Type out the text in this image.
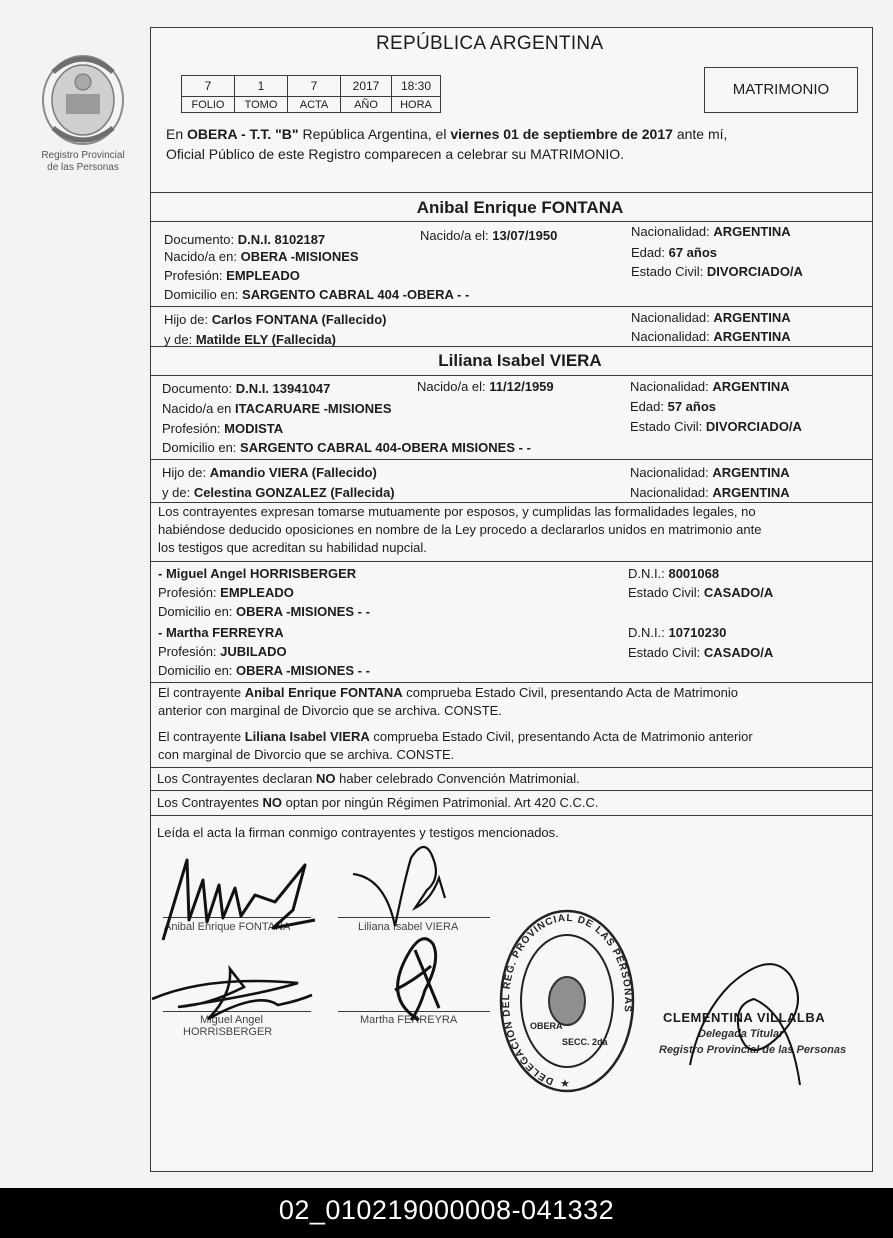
Registro Provincial
de las Personas
REPÚBLICA ARGENTINA
7	1	7	2017	18:30
FOLIO	TOMO	ACTA	AÑO	HORA
MATRIMONIO
En OBERA - T.T. "B" República Argentina, el viernes 01 de septiembre de 2017 ante mí,
Oficial Público de este Registro comparecen a celebrar su MATRIMONIO.
Anibal Enrique FONTANA
Documento: D.N.I. 8102187	Nacido/a el: 13/07/1950	Nacionalidad: ARGENTINA
Nacido/a en: OBERA -MISIONES	Edad: 67 años
Profesión: EMPLEADO	Estado Civil: DIVORCIADO/A
Domicilio en: SARGENTO CABRAL 404 -OBERA - -
Hijo de: Carlos FONTANA (Fallecido)	Nacionalidad: ARGENTINA
y de: Matilde ELY (Fallecida)	Nacionalidad: ARGENTINA
Liliana Isabel VIERA
Documento: D.N.I. 13941047	Nacido/a el: 11/12/1959	Nacionalidad: ARGENTINA
Nacido/a en ITACARUARE -MISIONES	Edad: 57 años
Profesión: MODISTA	Estado Civil: DIVORCIADO/A
Domicilio en: SARGENTO CABRAL 404-OBERA MISIONES - -
Hijo de: Amandio VIERA (Fallecido)	Nacionalidad: ARGENTINA
y de: Celestina GONZALEZ (Fallecida)	Nacionalidad: ARGENTINA
Los contrayentes expresan tomarse mutuamente por esposos, y cumplidas las formalidades legales, no
habiéndose deducido oposiciones en nombre de la Ley procedo a declararlos unidos en matrimonio ante
los testigos que acreditan su habilidad nupcial.
- Miguel Angel HORRISBERGER	D.N.I.: 8001068
Profesión: EMPLEADO	Estado Civil: CASADO/A
Domicilio en: OBERA -MISIONES - -
- Martha FERREYRA	D.N.I.: 10710230
Profesión: JUBILADO	Estado Civil: CASADO/A
Domicilio en: OBERA -MISIONES - -
El contrayente Anibal Enrique FONTANA comprueba Estado Civil, presentando Acta de Matrimonio
anterior con marginal de Divorcio que se archiva. CONSTE.
El contrayente Liliana Isabel VIERA comprueba Estado Civil, presentando Acta de Matrimonio anterior
con marginal de Divorcio que se archiva. CONSTE.
Los Contrayentes declaran NO haber celebrado Convención Matrimonial.
Los Contrayentes NO optan por ningún Régimen Patrimonial. Art 420 C.C.C.
Leída el acta la firman conmigo contrayentes y testigos mencionados.
Anibal Enrique FONTANA	Liliana Isabel VIERA
Miguel Angel
HORRISBERGER
Martha FERREYRA
DELEGACION DEL REG. PROVINCIAL DE LAS PERSONAS
OBERA
SECC. 2da
★
CLEMENTINA VILLALBA
Delegada Titular
Registro Provincial de las Personas
02_010219000008-041332
